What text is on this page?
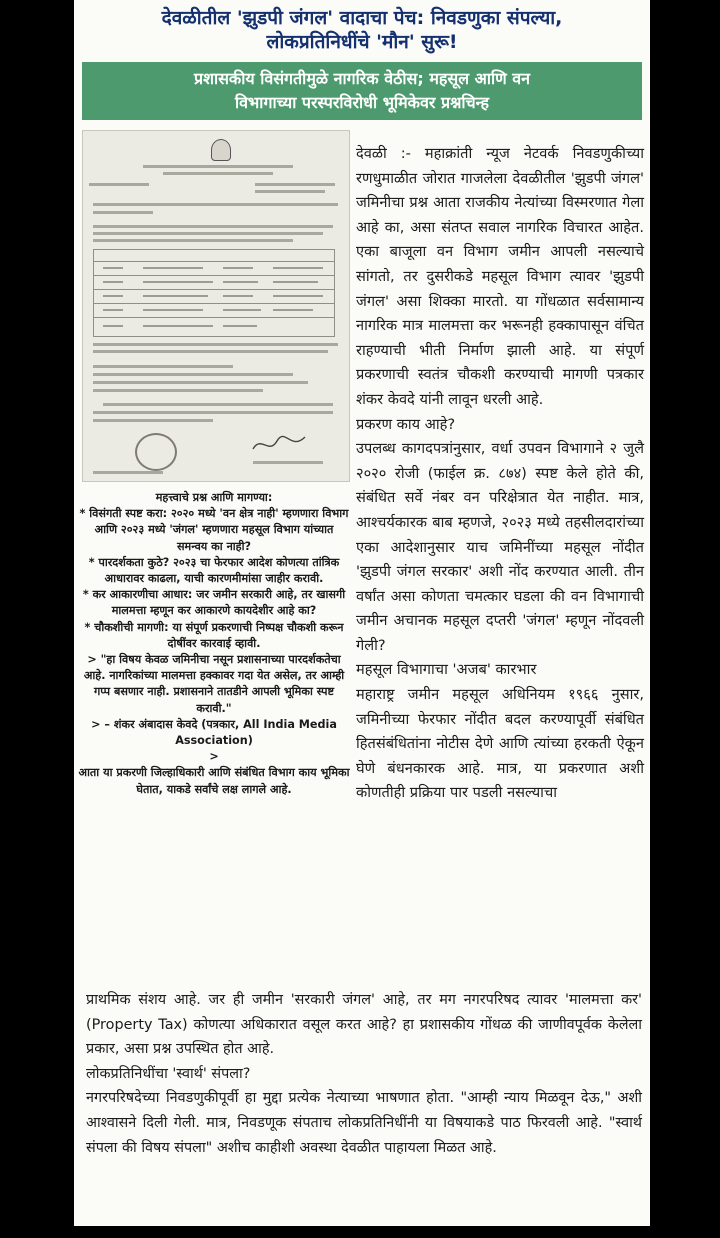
देवळीतील 'झुडपी जंगल' वादाचा पेच: निवडणुका संपल्या,
लोकप्रतिनिधींचे 'मौन' सुरू!
प्रशासकीय विसंगतीमुळे नागरिक वेठीस; महसूल आणि वन
विभागाच्या परस्परविरोधी भूमिकेवर प्रश्नचिन्ह

महत्त्वाचे प्रश्न आणि मागण्या:

* विसंगती स्पष्ट करा: २०२० मध्ये 'वन क्षेत्र नाही' म्हणणारा विभाग आणि २०२३ मध्ये 'जंगल' म्हणणारा महसूल विभाग यांच्यात समन्वय का नाही?

* पारदर्शकता कुठे? २०२३ चा फेरफार आदेश कोणत्या तांत्रिक आधारावर काढला, याची कारणमीमांसा जाहीर करावी.

* कर आकारणीचा आधार: जर जमीन सरकारी आहे, तर खासगी मालमत्ता म्हणून कर आकारणे कायदेशीर आहे का?

* चौकशीची मागणी: या संपूर्ण प्रकरणाची निष्पक्ष चौकशी करून दोषींवर कारवाई व्हावी.

> "हा विषय केवळ जमिनीचा नसून प्रशासनाच्या पारदर्शकतेचा आहे. नागरिकांच्या मालमत्ता हक्कावर गदा येत असेल, तर आम्ही गप्प बसणार नाही. प्रशासनाने तातडीने आपली भूमिका स्पष्ट करावी."

> – शंकर अंबादास केवदे (पत्रकार, All India Media Association)

>

आता या प्रकरणी जिल्हाधिकारी आणि संबंधित विभाग काय भूमिका घेतात, याकडे सर्वांचे लक्ष लागले आहे.

देवळी :- महाक्रांती न्यूज नेटवर्क निवडणुकीच्या रणधुमाळीत जोरात गाजलेला देवळीतील 'झुडपी जंगल' जमिनीचा प्रश्न आता राजकीय नेत्यांच्या विस्मरणात गेला आहे का, असा संतप्त सवाल नागरिक विचारत आहेत. एका बाजूला वन विभाग जमीन आपली नसल्याचे सांगतो, तर दुसरीकडे महसूल विभाग त्यावर 'झुडपी जंगल' असा शिक्का मारतो. या गोंधळात सर्वसामान्य नागरिक मात्र मालमत्ता कर भरूनही हक्कापासून वंचित राहण्याची भीती निर्माण झाली आहे. या संपूर्ण प्रकरणाची स्वतंत्र चौकशी करण्याची मागणी पत्रकार शंकर केवदे यांनी लावून धरली आहे.

प्रकरण काय आहे?

उपलब्ध कागदपत्रांनुसार, वर्धा उपवन विभागाने २ जुलै २०२० रोजी (फाईल क्र. ८७४) स्पष्ट केले होते की, संबंधित सर्वे नंबर वन परिक्षेत्रात येत नाहीत. मात्र, आश्चर्यकारक बाब म्हणजे, २०२३ मध्ये तहसीलदारांच्या एका आदेशानुसार याच जमिनींच्या महसूल नोंदीत 'झुडपी जंगल सरकार' अशी नोंद करण्यात आली. तीन वर्षांत असा कोणता चमत्कार घडला की वन विभागाची जमीन अचानक महसूल दप्तरी 'जंगल' म्हणून नोंदवली गेली?

महसूल विभागाचा 'अजब' कारभार

महाराष्ट्र जमीन महसूल अधिनियम १९६६ नुसार, जमिनीच्या फेरफार नोंदीत बदल करण्यापूर्वी संबंधित हितसंबंधितांना नोटीस देणे आणि त्यांच्या हरकती ऐकून घेणे बंधनकारक आहे. मात्र, या प्रकरणात अशी कोणतीही प्रक्रिया पार पडली नसल्याचा

प्राथमिक संशय आहे. जर ही जमीन 'सरकारी जंगल' आहे, तर मग नगरपरिषद त्यावर 'मालमत्ता कर' (Property Tax) कोणत्या अधिकारात वसूल करत आहे? हा प्रशासकीय गोंधळ की जाणीवपूर्वक केलेला प्रकार, असा प्रश्न उपस्थित होत आहे.

लोकप्रतिनिधींचा 'स्वार्थ' संपला?

नगरपरिषदेच्या निवडणुकीपूर्वी हा मुद्दा प्रत्येक नेत्याच्या भाषणात होता. "आम्ही न्याय मिळवून देऊ," अशी आश्वासने दिली गेली. मात्र, निवडणूक संपताच लोकप्रतिनिधींनी या विषयाकडे पाठ फिरवली आहे. "स्वार्थ संपला की विषय संपला" अशीच काहीशी अवस्था देवळीत पाहायला मिळत आहे.
